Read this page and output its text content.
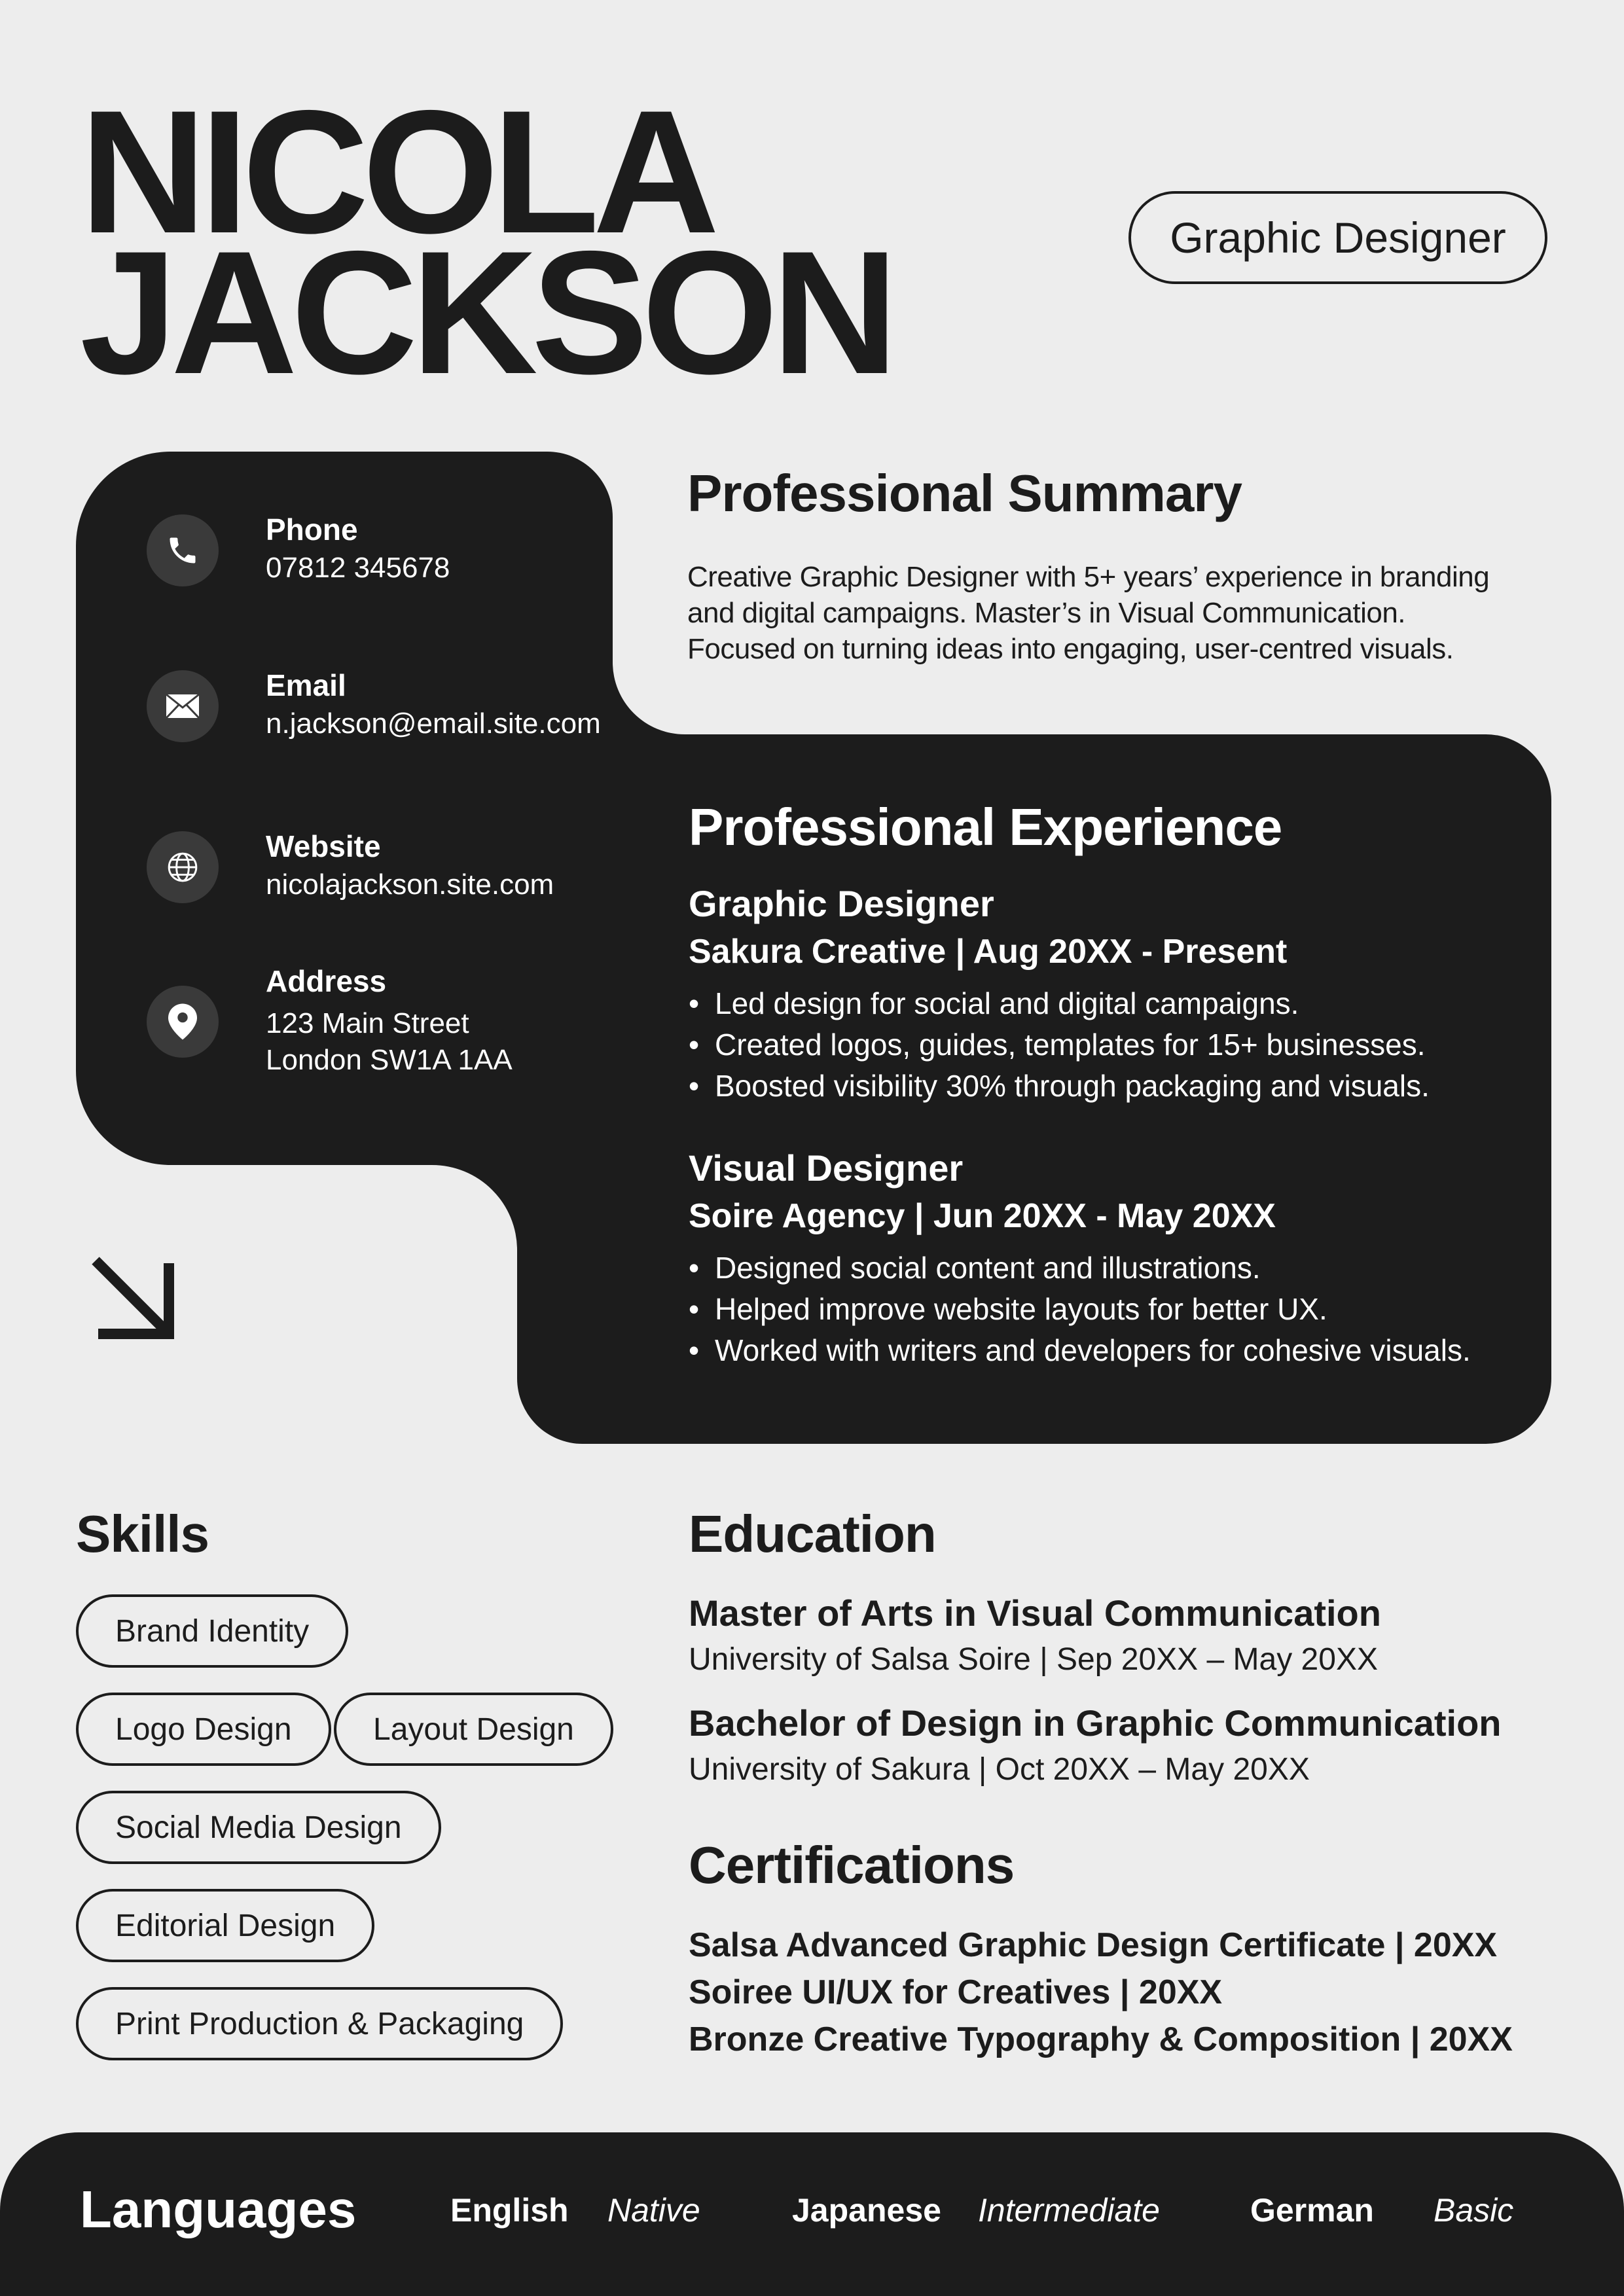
NICOLA
JACKSON	Graphic Designer
Phone
07812 345678
Email
n.jackson@email.site.com
Website
nicolajackson.site.com
Address
123 Main Street
London SW1A 1AA
Professional Summary
Creative Graphic Designer with 5+ years’ experience in branding
and digital campaigns. Master’s in Visual Communication.
Focused on turning ideas into engaging, user-centred visuals.
Professional Experience
Graphic Designer
Sakura Creative | Aug 20XX - Present
• Led design for social and digital campaigns.
• Created logos, guides, templates for 15+ businesses.
• Boosted visibility 30% through packaging and visuals.
Visual Designer
Soire Agency | Jun 20XX - May 20XX
• Designed social content and illustrations.
• Helped improve website layouts for better UX.
• Worked with writers and developers for cohesive visuals.
Skills
Brand Identity
Logo Design	Layout Design
Social Media Design
Editorial Design
Print Production & Packaging
Education
Master of Arts in Visual Communication
University of Salsa Soire | Sep 20XX – May 20XX
Bachelor of Design in Graphic Communication
University of Sakura | Oct 20XX – May 20XX
Certifications
Salsa Advanced Graphic Design Certificate | 20XX
Soiree UI/UX for Creatives | 20XX
Bronze Creative Typography & Composition | 20XX
Languages	English Native	Japanese Intermediate	German Basic
